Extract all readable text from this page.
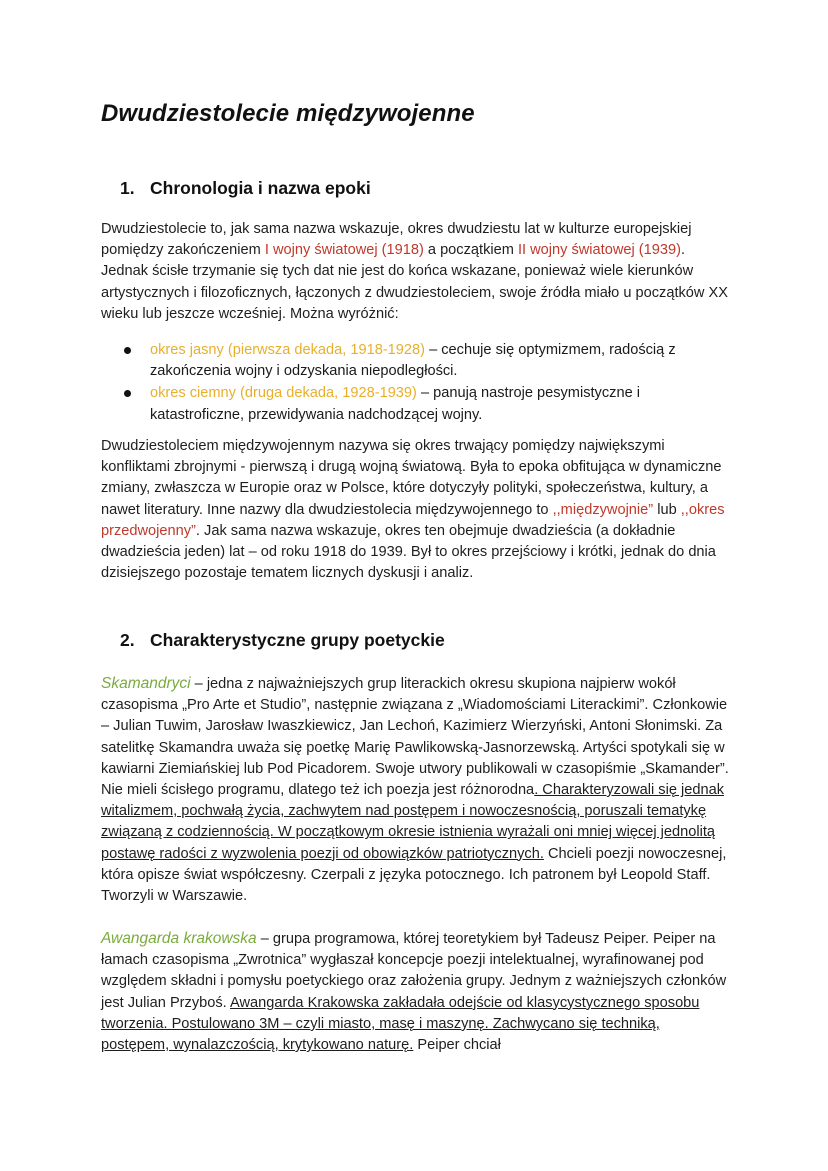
Dwudziestolecie międzywojenne
1. Chronologia i nazwa epoki

Dwudziestolecie to, jak sama nazwa wskazuje, okres dwudziestu lat w kulturze europejskiej pomiędzy zakończeniem I wojny światowej (1918) a początkiem II wojny światowej (1939). Jednak ścisłe trzymanie się tych dat nie jest do końca wskazane, ponieważ wiele kierunków artystycznych i filozoficznych, łączonych z dwudziestoleciem, swoje źródła miało u początków XX wieku lub jeszcze wcześniej. Można wyróżnić:

okres jasny (pierwsza dekada, 1918-1928) – cechuje się optymizmem, radością z zakończenia wojny i odzyskania niepodległości.
okres ciemny (druga dekada, 1928-1939) – panują nastroje pesymistyczne i katastroficzne, przewidywania nadchodzącej wojny.

Dwudziestoleciem międzywojennym nazywa się okres trwający pomiędzy największymi konfliktami zbrojnymi - pierwszą i drugą wojną światową. Była to epoka obfitująca w dynamiczne zmiany, zwłaszcza w Europie oraz w Polsce, które dotyczyły polityki, społeczeństwa, kultury, a nawet literatury. Inne nazwy dla dwudziestolecia międzywojennego to ,,międzywojnie” lub ,,okres przedwojenny”. Jak sama nazwa wskazuje, okres ten obejmuje dwadzieścia (a dokładnie dwadzieścia jeden) lat – od roku 1918 do 1939. Był to okres przejściowy i krótki, jednak do dnia dzisiejszego pozostaje tematem licznych dyskusji i analiz.

2. Charakterystyczne grupy poetyckie

Skamandryci – jedna z najważniejszych grup literackich okresu skupiona najpierw wokół czasopisma „Pro Arte et Studio”, następnie związana z „Wiadomościami Literackimi”. Członkowie – Julian Tuwim, Jarosław Iwaszkiewicz, Jan Lechoń, Kazimierz Wierzyński, Antoni Słonimski. Za satelitkę Skamandra uważa się poetkę Marię Pawlikowską-Jasnorzewską. Artyści spotykali się w kawiarni Ziemiańskiej lub Pod Picadorem. Swoje utwory publikowali w czasopiśmie „Skamander”. Nie mieli ścisłego programu, dlatego też ich poezja jest różnorodna. Charakteryzowali się jednak witalizmem, pochwałą życia, zachwytem nad postępem i nowoczesnością, poruszali tematykę związaną z codziennością. W początkowym okresie istnienia wyrażali oni mniej więcej jednolitą postawę radości z wyzwolenia poezji od obowiązków patriotycznych. Chcieli poezji nowoczesnej, która opisze świat współczesny. Czerpali z języka potocznego. Ich patronem był Leopold Staff. Tworzyli w Warszawie.

Awangarda krakowska – grupa programowa, której teoretykiem był Tadeusz Peiper. Peiper na łamach czasopisma „Zwrotnica” wygłaszał koncepcje poezji intelektualnej, wyrafinowanej pod względem składni i pomysłu poetyckiego oraz założenia grupy. Jednym z ważniejszych członków jest Julian Przyboś. Awangarda Krakowska zakładała odejście od klasycystycznego sposobu tworzenia. Postulowano 3M – czyli miasto, masę i maszynę. Zachwycano się techniką, postępem, wynalazczością, krytykowano naturę. Peiper chciał
